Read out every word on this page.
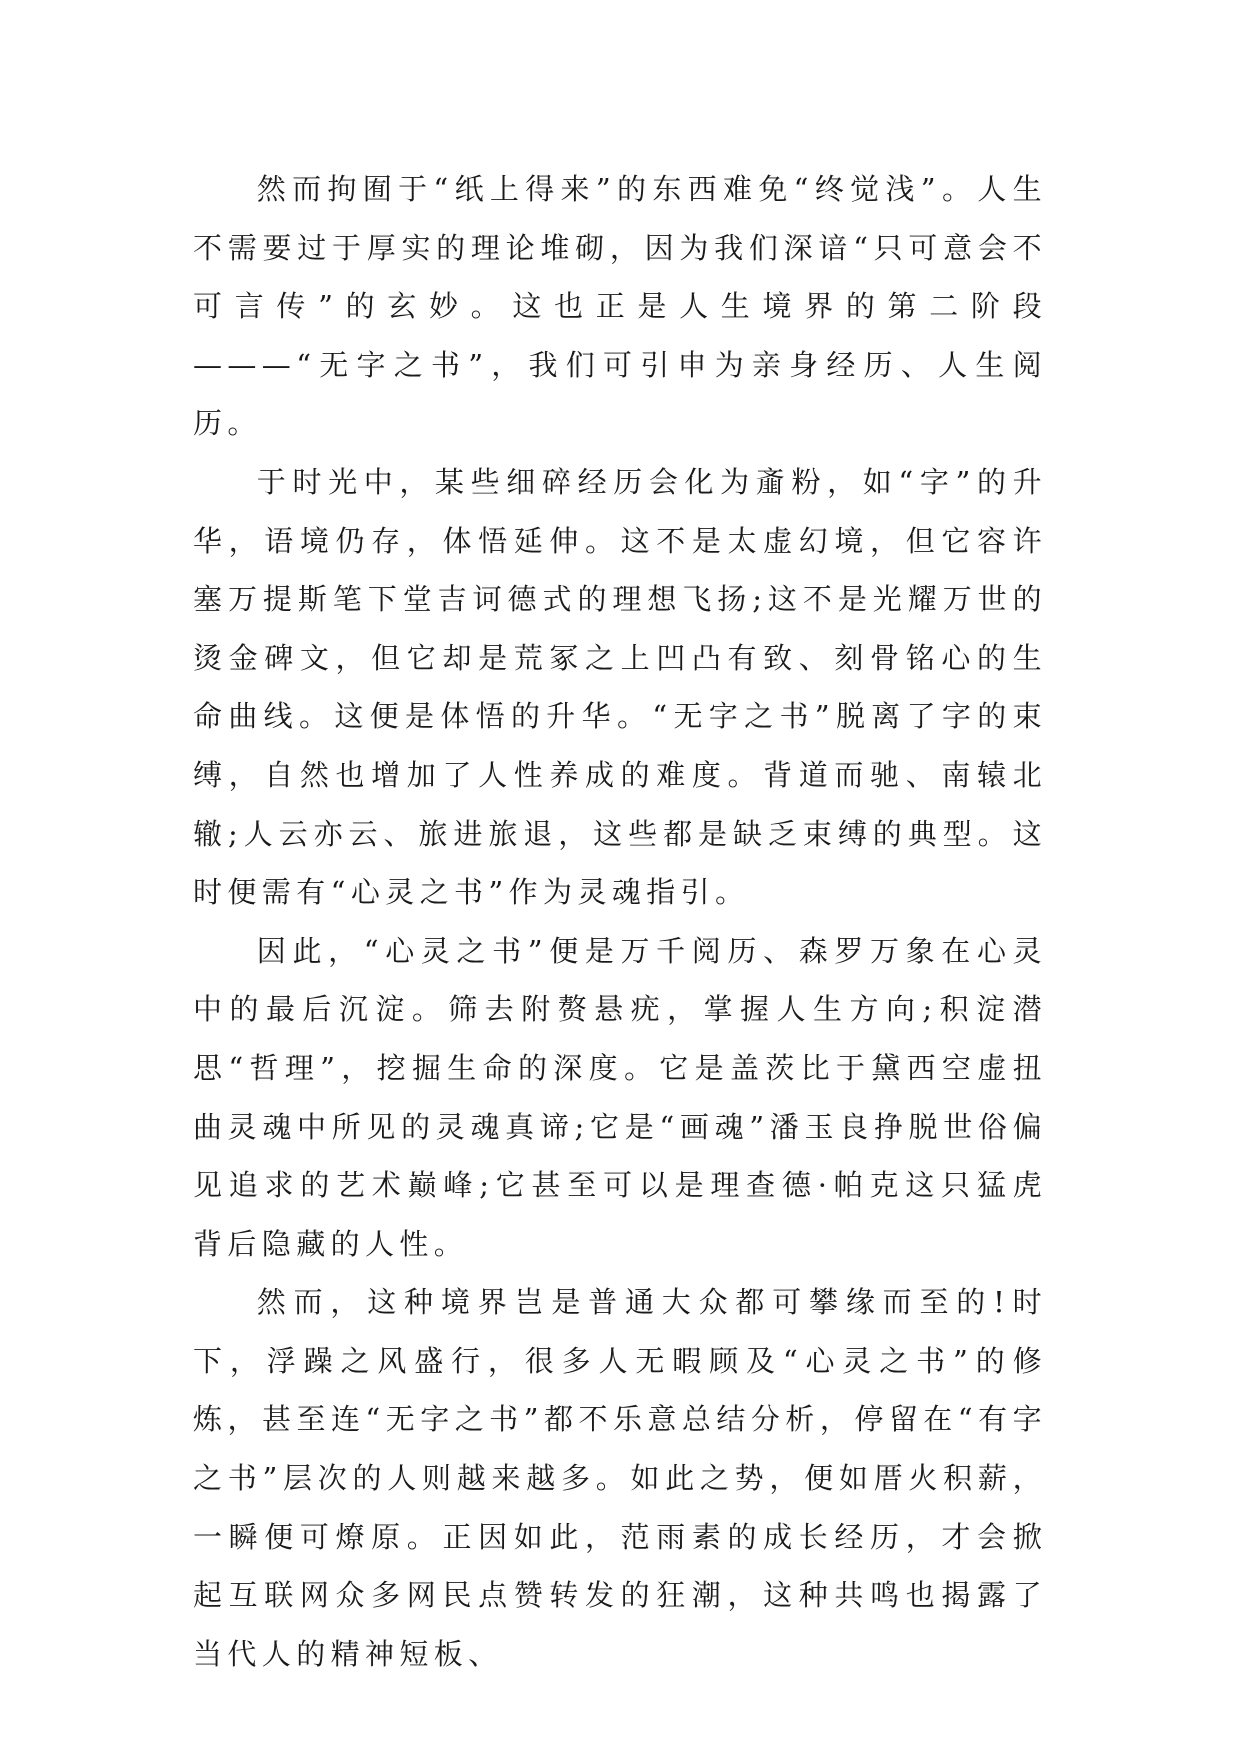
然而拘囿于“纸上得来”的东西难免“终觉浅”。人生不需要过于厚实的理论堆砌，因为我们深谙“只可意会不可言传”的玄妙。这也正是人生境界的第二阶段———“无字之书”，我们可引申为亲身经历、人生阅历。

于时光中，某些细碎经历会化为齑粉，如“字”的升华，语境仍存，体悟延伸。这不是太虚幻境，但它容许塞万提斯笔下堂吉诃德式的理想飞扬;这不是光耀万世的烫金碑文，但它却是荒冢之上凹凸有致、刻骨铭心的生命曲线。这便是体悟的升华。“无字之书”脱离了字的束缚，自然也增加了人性养成的难度。背道而驰、南辕北辙;人云亦云、旅进旅退，这些都是缺乏束缚的典型。这时便需有“心灵之书”作为灵魂指引。

因此，“心灵之书”便是万千阅历、森罗万象在心灵中的最后沉淀。筛去附赘悬疣，掌握人生方向;积淀潜思“哲理”，挖掘生命的深度。它是盖茨比于黛西空虚扭曲灵魂中所见的灵魂真谛;它是“画魂”潘玉良挣脱世俗偏见追求的艺术巅峰;它甚至可以是理查德·帕克这只猛虎背后隐藏的人性。

然而，这种境界岂是普通大众都可攀缘而至的!时下，浮躁之风盛行，很多人无暇顾及“心灵之书”的修炼，甚至连“无字之书”都不乐意总结分析，停留在“有字之书”层次的人则越来越多。如此之势，便如厝火积薪，一瞬便可燎原。正因如此，范雨素的成长经历，才会掀起互联网众多网民点赞转发的狂潮，这种共鸣也揭露了当代人的精神短板、
